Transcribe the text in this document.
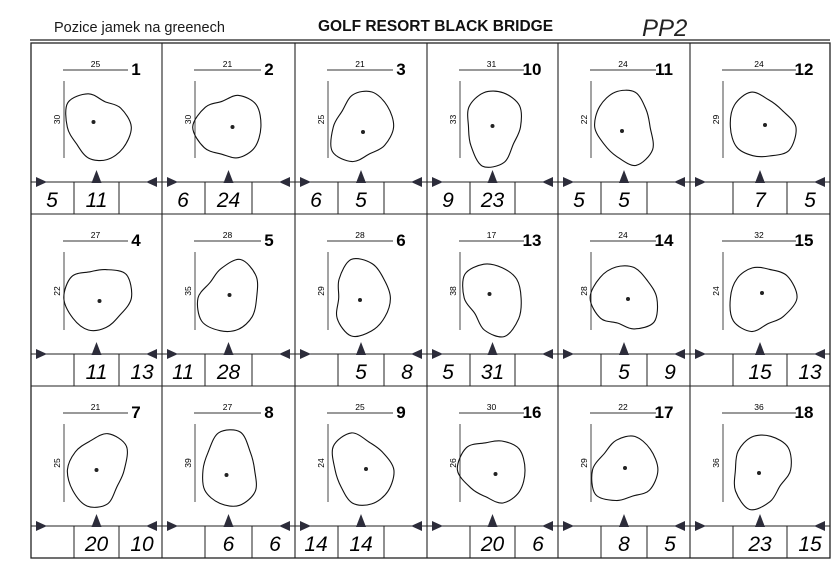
Pozice jamek na greenech	GOLF RESORT BLACK BRIDGE	PP2
1
25
30
5 11
2
21
30
6 24
3
21
25
6 5
10
31
33
9 23
11
24
22
5 5
12
24
29
7 5
4
27
22
11 13
5
28
35
11 28
6
28
29
5 8
13
17
38
5 31
14
24
28
5 9
15
32
24
15 13
7
21
25
20 10
8
27
39
6 6
9
25
24
14 14
16
30
26
20 6
17
22
29
8 5
18
36
36
23 15
